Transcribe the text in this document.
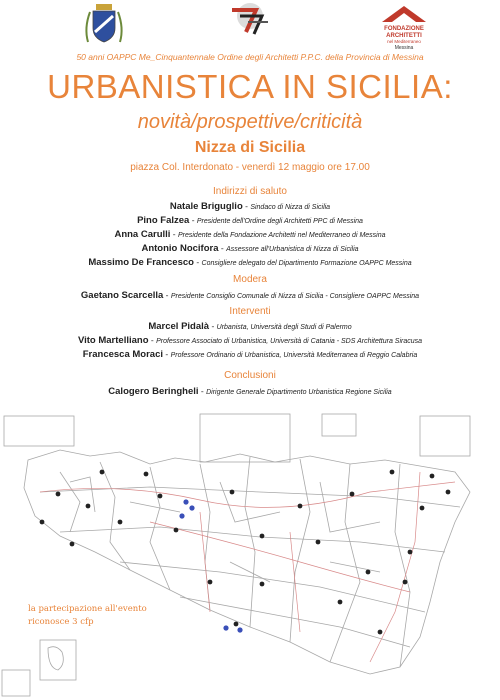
FONDAZIONE
ARCHITETTI
nel Mediterraneo
Messina
50 anni OAPPC Me_Cinquantennale Ordine degli Architetti P.P.C. della Provincia di Messina
URBANISTICA IN SICILIA:
novità/prospettive/criticità
Nizza di Sicilia
piazza Col. Interdonato - venerdì 12 maggio ore 17.00
Indirizzi di saluto
Natale Briguglio - Sindaco di Nizza di Sicilia
Pino Falzea - Presidente dell'Ordine degli Architetti PPC di Messina
Anna Carulli - Presidente della Fondazione Architetti nel Mediterraneo di Messina
Antonio Nocifora - Assessore all'Urbanistica di Nizza di Sicilia
Massimo De Francesco - Consigliere delegato del Dipartimento Formazione OAPPC Messina
Modera
Gaetano Scarcella - Presidente Consiglio Comunale di Nizza di Sicilia - Consigliere OAPPC Messina
Interventi
Marcel Pidalà - Urbanista, Università degli Studi di Palermo
Vito Martelliano - Professore Associato di Urbanistica, Università di Catania - SDS Architettura Siracusa
Francesca Moraci - Professore Ordinario di Urbanistica, Università Mediterranea di Reggio Calabria
Conclusioni
Calogero Beringheli - Dirigente Generale Dipartimento Urbanistica Regione Sicilia
la partecipazione all'evento
riconosce 3 cfp
